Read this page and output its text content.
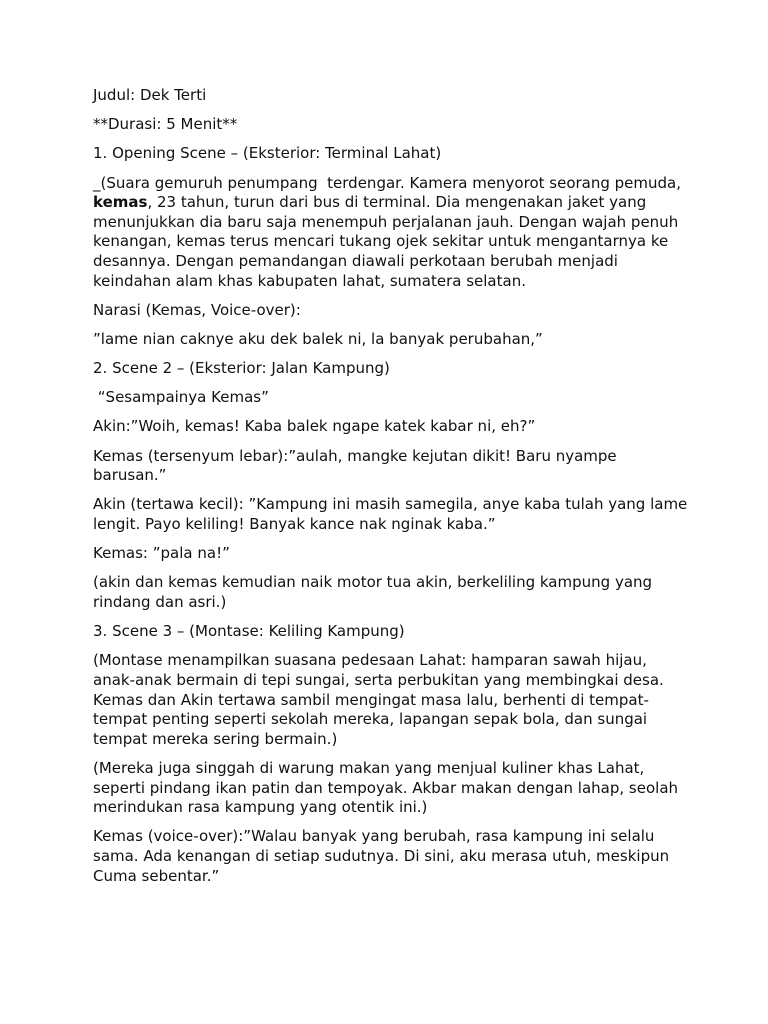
Judul: Dek Terti

**Durasi: 5 Menit**

1. Opening Scene – (Eksterior: Terminal Lahat)

_(Suara gemuruh penumpang  terdengar. Kamera menyorot seorang pemuda, kemas, 23 tahun, turun dari bus di terminal. Dia mengenakan jaket yang menunjukkan dia baru saja menempuh perjalanan jauh. Dengan wajah penuh kenangan, kemas terus mencari tukang ojek sekitar untuk mengantarnya ke desannya. Dengan pemandangan diawali perkotaan berubah menjadi keindahan alam khas kabupaten lahat, sumatera selatan.

Narasi (Kemas, Voice-over):

”lame nian caknye aku dek balek ni, la banyak perubahan,”

2. Scene 2 – (Eksterior: Jalan Kampung)

“Sesampainya Kemas”

Akin:”Woih, kemas! Kaba balek ngape katek kabar ni, eh?”

Kemas (tersenyum lebar):”aulah, mangke kejutan dikit! Baru nyampe barusan.”

Akin (tertawa kecil): ”Kampung ini masih samegila, anye kaba tulah yang lame lengit. Payo keliling! Banyak kance nak nginak kaba.”

Kemas: ”pala na!”

(akin dan kemas kemudian naik motor tua akin, berkeliling kampung yang rindang dan asri.)

3. Scene 3 – (Montase: Keliling Kampung)

(Montase menampilkan suasana pedesaan Lahat: hamparan sawah hijau, anak-anak bermain di tepi sungai, serta perbukitan yang membingkai desa. Kemas dan Akin tertawa sambil mengingat masa lalu, berhenti di tempat-tempat penting seperti sekolah mereka, lapangan sepak bola, dan sungai tempat mereka sering bermain.)

(Mereka juga singgah di warung makan yang menjual kuliner khas Lahat, seperti pindang ikan patin dan tempoyak. Akbar makan dengan lahap, seolah merindukan rasa kampung yang otentik ini.)

Kemas (voice-over):”Walau banyak yang berubah, rasa kampung ini selalu sama. Ada kenangan di setiap sudutnya. Di sini, aku merasa utuh, meskipun Cuma sebentar.”
